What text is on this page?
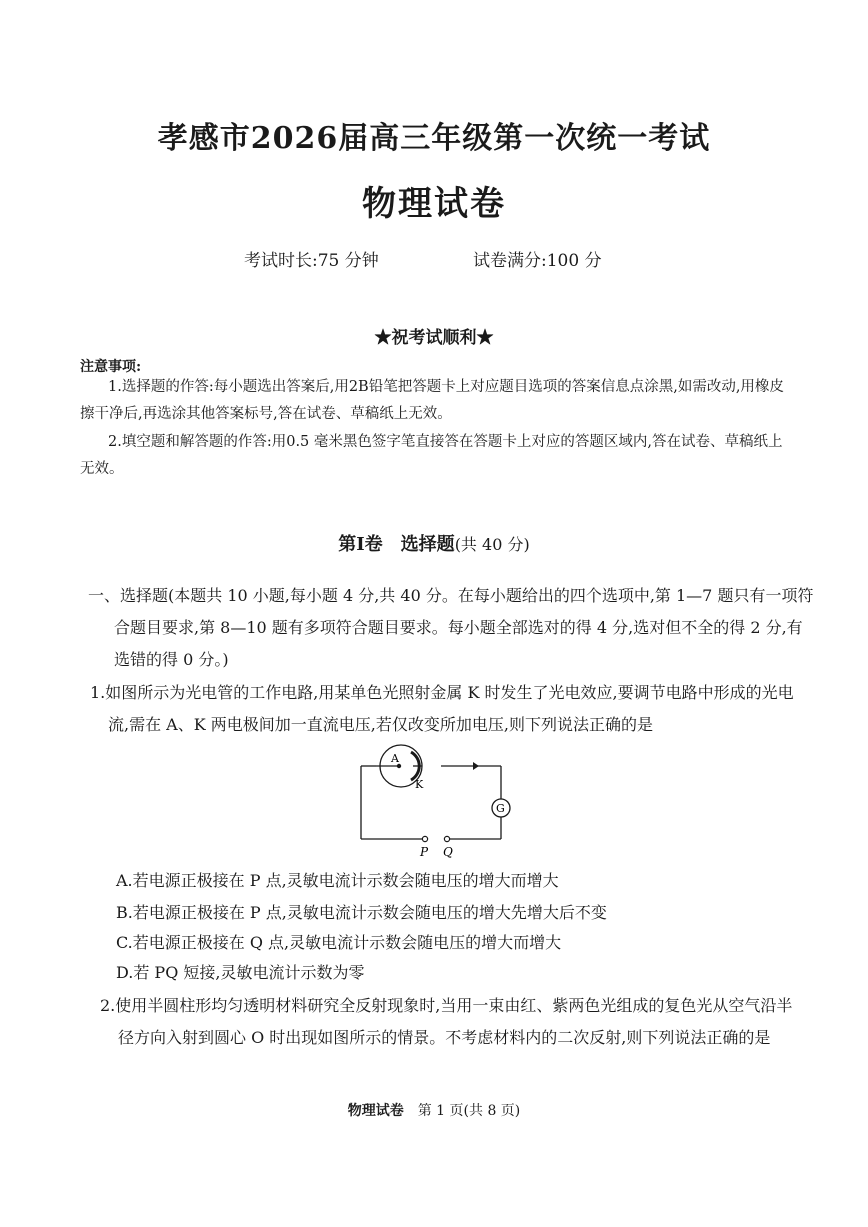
孝感市2026届高三年级第一次统一考试
物理试卷
考试时长:75 分钟	试卷满分:100 分
★祝考试顺利★
注意事项:

1.选择题的作答:每小题选出答案后,用2B铅笔把答题卡上对应题目选项的答案信息点涂黑,如需改动,用橡皮擦干净后,再选涂其他答案标号,答在试卷、草稿纸上无效。

2.填空题和解答题的作答:用0.5 毫米黑色签字笔直接答在答题卡上对应的答题区域内,答在试卷、草稿纸上无效。

第Ⅰ卷　选择题(共 40 分)

一、选择题(本题共 10 小题,每小题 4 分,共 40 分。在每小题给出的四个选项中,第 1—7 题只有一项符合题目要求,第 8—10 题有多项符合题目要求。每小题全部选对的得 4 分,选对但不全的得 2 分,有选错的得 0 分。)

1.如图所示为光电管的工作电路,用某单色光照射金属 K 时发生了光电效应,要调节电路中形成的光电流,需在 A、K 两电极间加一直流电压,若仅改变所加电压,则下列说法正确的是

A
K
G
P Q
A.若电源正极接在 P 点,灵敏电流计示数会随电压的增大而增大
B.若电源正极接在 P 点,灵敏电流计示数会随电压的增大先增大后不变
C.若电源正极接在 Q 点,灵敏电流计示数会随电压的增大而增大
D.若 PQ 短接,灵敏电流计示数为零

2.使用半圆柱形均匀透明材料研究全反射现象时,当用一束由红、紫两色光组成的复色光从空气沿半径方向入射到圆心 O 时出现如图所示的情景。不考虑材料内的二次反射,则下列说法正确的是

物理试卷　 第 1 页(共 8 页)
